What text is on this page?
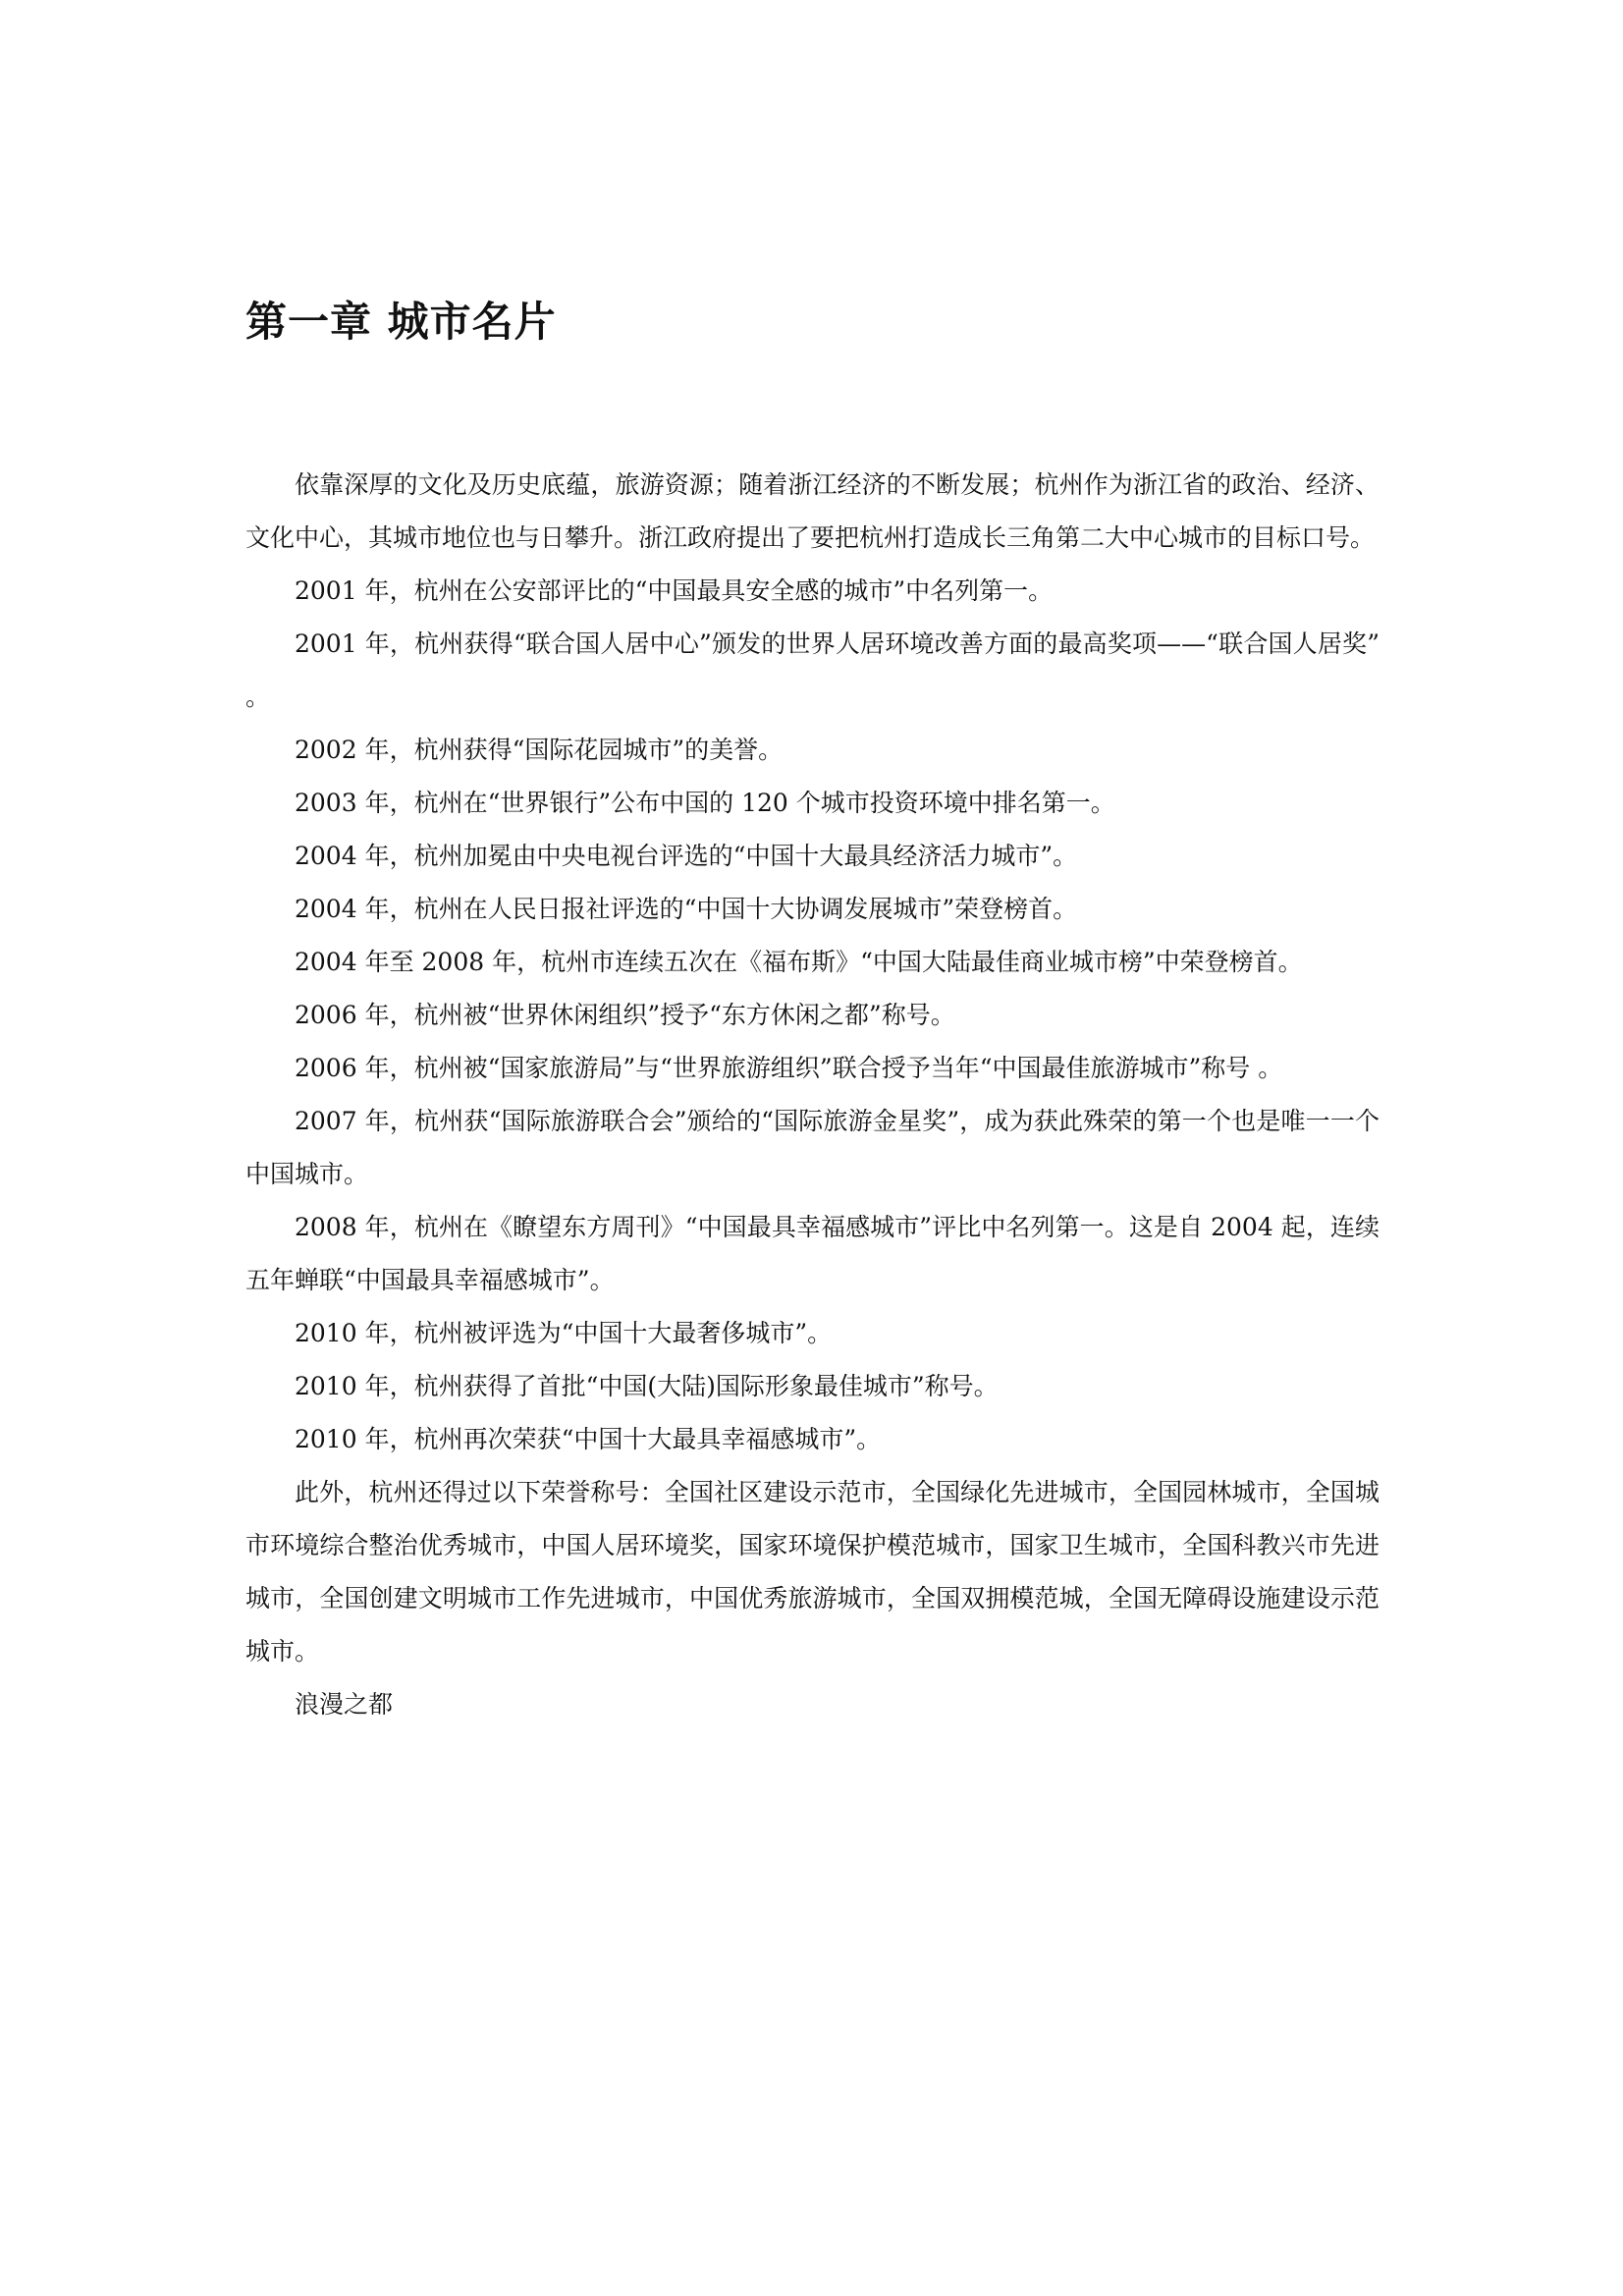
第一章 城市名片

依靠深厚的文化及历史底蕴，旅游资源；随着浙江经济的不断发展；杭州作为浙江省的政治、经济、文化中心，其城市地位也与日攀升。浙江政府提出了要把杭州打造成长三角第二大中心城市的目标口号。

2001 年，杭州在公安部评比的“中国最具安全感的城市”中名列第一。

2001 年，杭州获得“联合国人居中心”颁发的世界人居环境改善方面的最高奖项——“联合国人居奖” 。

2002 年，杭州获得“国际花园城市”的美誉。

2003 年，杭州在“世界银行”公布中国的 120 个城市投资环境中排名第一。

2004 年，杭州加冕由中央电视台评选的“中国十大最具经济活力城市”。

2004 年，杭州在人民日报社评选的“中国十大协调发展城市”荣登榜首。

2004 年至 2008 年，杭州市连续五次在《福布斯》“中国大陆最佳商业城市榜”中荣登榜首。

2006 年，杭州被“世界休闲组织”授予“东方休闲之都”称号。

2006 年，杭州被“国家旅游局”与“世界旅游组织”联合授予当年“中国最佳旅游城市”称号 。

2007 年，杭州获“国际旅游联合会”颁给的“国际旅游金星奖”，成为获此殊荣的第一个也是唯一一个中国城市。

2008 年，杭州在《瞭望东方周刊》“中国最具幸福感城市”评比中名列第一。这是自 2004 起，连续五年蝉联“中国最具幸福感城市”。

2010 年，杭州被评选为“中国十大最奢侈城市”。

2010 年，杭州获得了首批“中国(大陆)国际形象最佳城市”称号。

2010 年，杭州再次荣获“中国十大最具幸福感城市”。

此外，杭州还得过以下荣誉称号：全国社区建设示范市，全国绿化先进城市，全国园林城市，全国城市环境综合整治优秀城市，中国人居环境奖，国家环境保护模范城市，国家卫生城市，全国科教兴市先进城市，全国创建文明城市工作先进城市，中国优秀旅游城市，全国双拥模范城，全国无障碍设施建设示范城市。

浪漫之都
